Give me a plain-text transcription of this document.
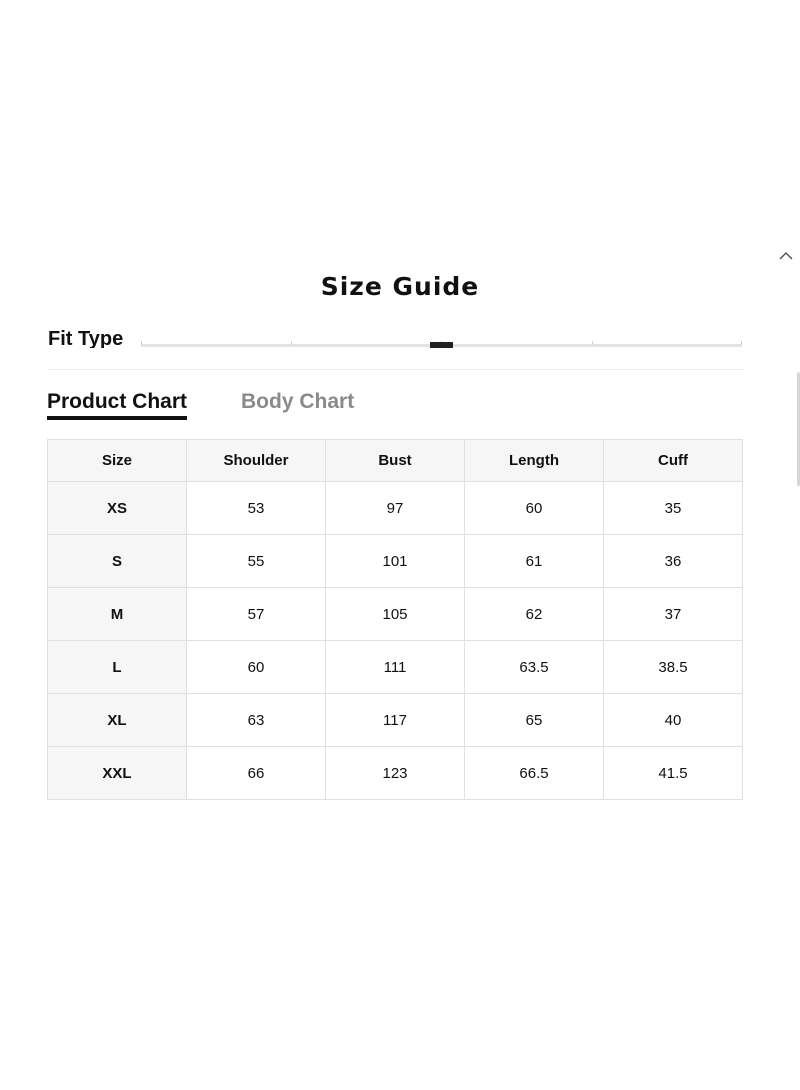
Size Guide
Fit Type
Product Chart	Body Chart
Size	Shoulder	Bust	Length	Cuff
XS	53	97	60	35
S	55	101	61	36
M	57	105	62	37
L	60	111	63.5	38.5
XL	63	117	65	40
XXL	66	123	66.5	41.5
